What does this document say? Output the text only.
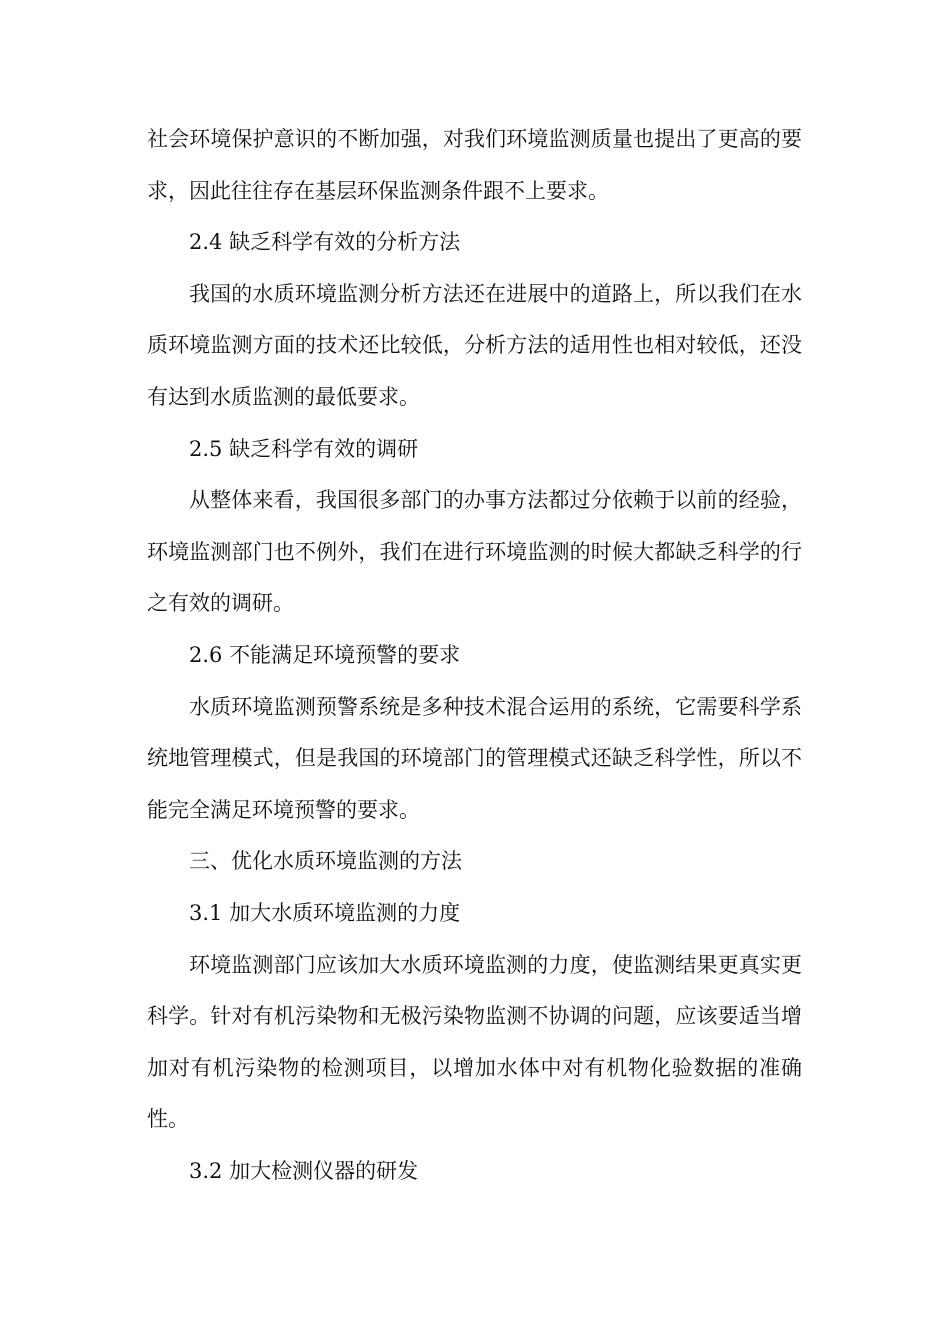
社会环境保护意识的不断加强，对我们环境监测质量也提出了更高的要求，因此往往存在基层环保监测条件跟不上要求。

2.4 缺乏科学有效的分析方法

我国的水质环境监测分析方法还在进展中的道路上，所以我们在水质环境监测方面的技术还比较低，分析方法的适用性也相对较低，还没有达到水质监测的最低要求。

2.5 缺乏科学有效的调研

从整体来看，我国很多部门的办事方法都过分依赖于以前的经验，环境监测部门也不例外，我们在进行环境监测的时候大都缺乏科学的行之有效的调研。

2.6 不能满足环境预警的要求

水质环境监测预警系统是多种技术混合运用的系统，它需要科学系统地管理模式，但是我国的环境部门的管理模式还缺乏科学性，所以不能完全满足环境预警的要求。

三、优化水质环境监测的方法

3.1 加大水质环境监测的力度

环境监测部门应该加大水质环境监测的力度，使监测结果更真实更科学。针对有机污染物和无极污染物监测不协调的问题，应该要适当增加对有机污染物的检测项目，以增加水体中对有机物化验数据的准确性。

3.2 加大检测仪器的研发
